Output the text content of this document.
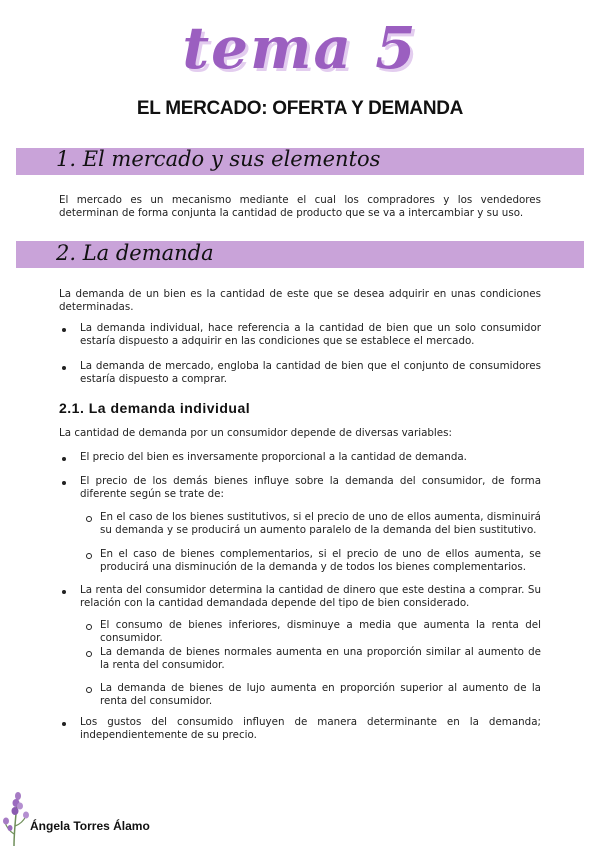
tema 5
EL MERCADO: OFERTA Y DEMANDA
1. El mercado y sus elementos

El mercado es un mecanismo mediante el cual los compradores y los vendedores determinan de forma conjunta la cantidad de producto que se va a intercambiar y su uso.

2. La demanda

La demanda de un bien es la cantidad de este que se desea adquirir en unas condiciones determinadas.

La demanda individual, hace referencia a la cantidad de bien que un solo consumidor estaría dispuesto a adquirir en las condiciones que se establece el mercado.

La demanda de mercado, engloba la cantidad de bien que el conjunto de consumidores estaría dispuesto a comprar.

2.1. La demanda individual

La cantidad de demanda por un consumidor depende de diversas variables:

El precio del bien es inversamente proporcional a la cantidad de demanda.

El precio de los demás bienes influye sobre la demanda del consumidor, de forma diferente según se trate de:

En el caso de los bienes sustitutivos, si el precio de uno de ellos aumenta, disminuirá su demanda y se producirá un aumento paralelo de la demanda del bien sustitutivo.

En el caso de bienes complementarios, si el precio de uno de ellos aumenta, se producirá una disminución de la demanda y de todos los bienes complementarios.

La renta del consumidor determina la cantidad de dinero que este destina a comprar. Su relación con la cantidad demandada depende del tipo de bien considerado.

El consumo de bienes inferiores, disminuye a media que aumenta la renta del consumidor.

La demanda de bienes normales aumenta en una proporción similar al aumento de la renta del consumidor.

La demanda de bienes de lujo aumenta en proporción superior al aumento de la renta del consumidor.

Los gustos del consumido influyen de manera determinante en la demanda; independientemente de su precio.

Ángela Torres Álamo
